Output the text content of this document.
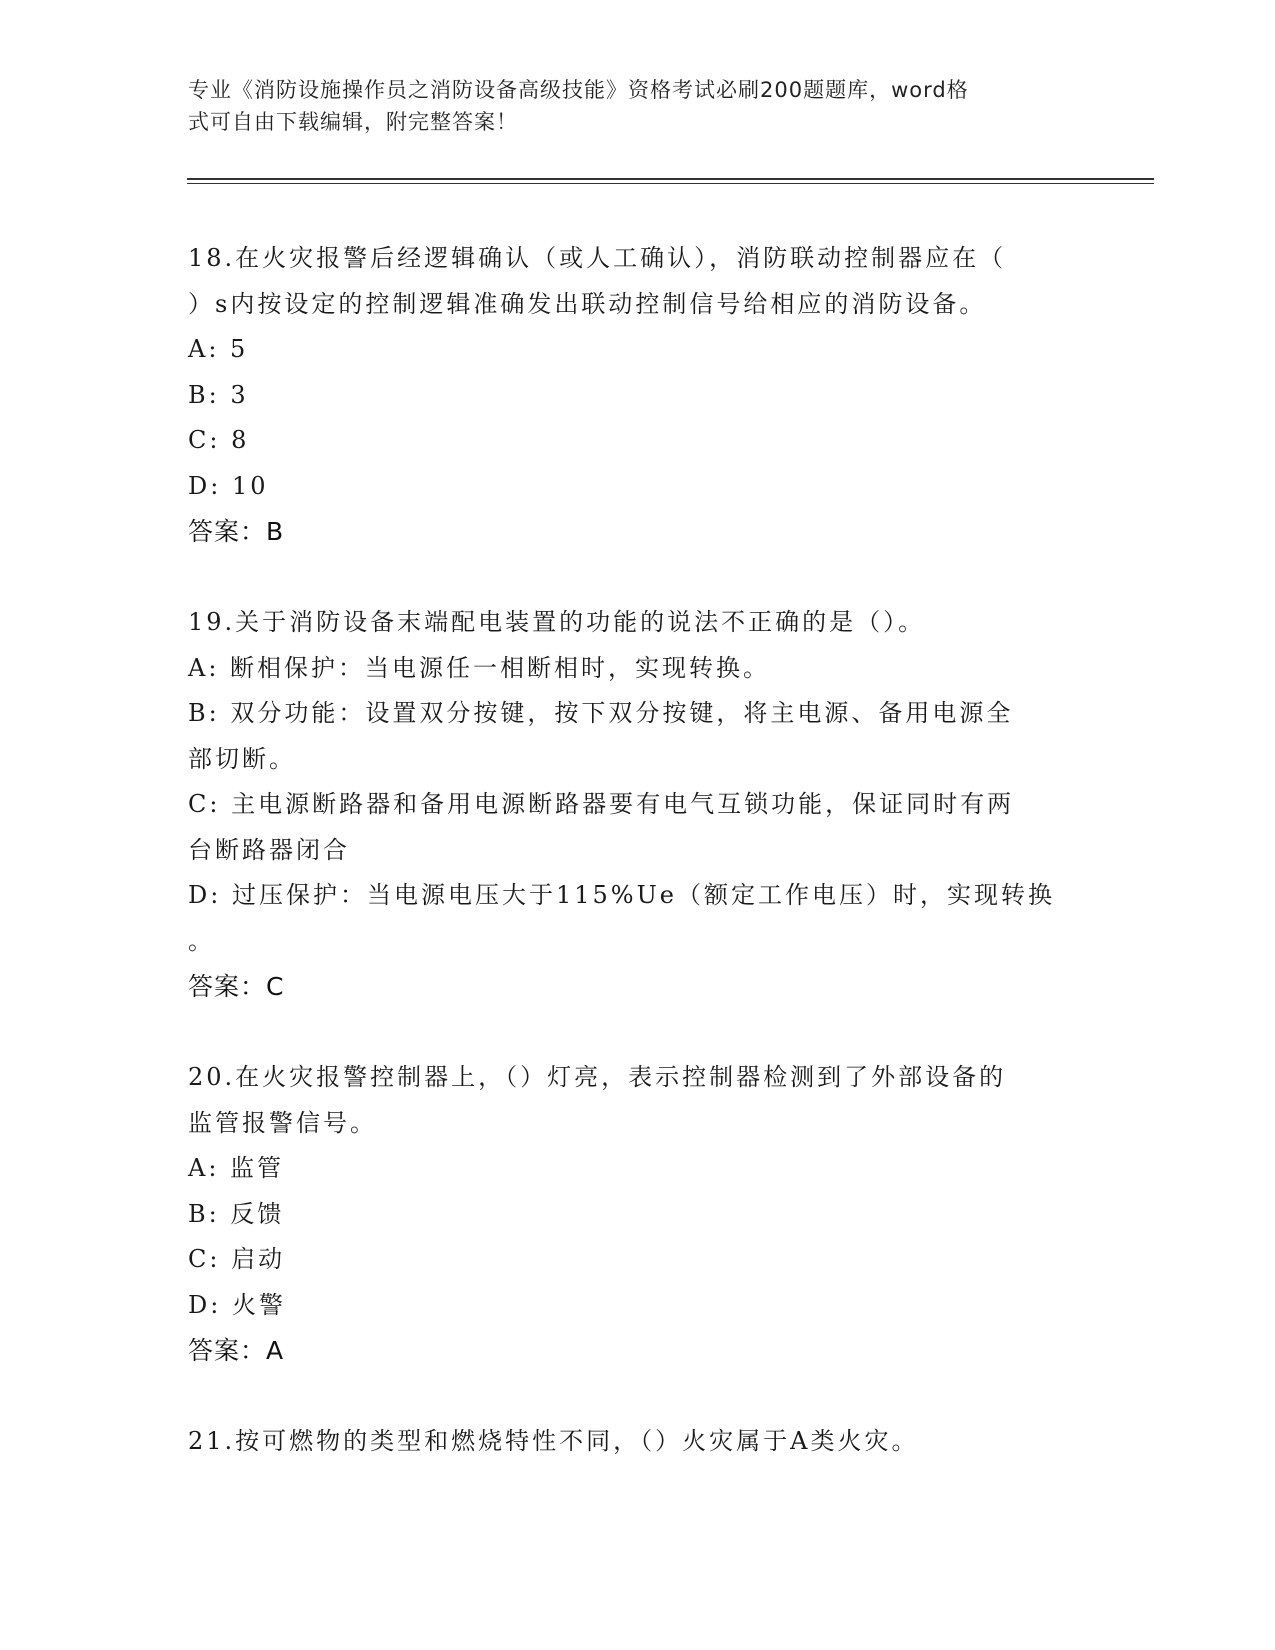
专业《消防设施操作员之消防设备高级技能》资格考试必刷200题题库，word格
式可自由下载编辑，附完整答案！
18.在火灾报警后经逻辑确认（或人工确认），消防联动控制器应在（
）s内按设定的控制逻辑准确发出联动控制信号给相应的消防设备。
A: 5
B: 3
C: 8
D: 10
答案：B
19.关于消防设备末端配电装置的功能的说法不正确的是（）。
A: 断相保护：当电源任一相断相时，实现转换。
B: 双分功能：设置双分按键，按下双分按键，将主电源、备用电源全
部切断。
C: 主电源断路器和备用电源断路器要有电气互锁功能，保证同时有两
台断路器闭合
D: 过压保护：当电源电压大于115%Ue（额定工作电压）时，实现转换
。
答案：C
20.在火灾报警控制器上，（）灯亮，表示控制器检测到了外部设备的
监管报警信号。
A: 监管
B: 反馈
C: 启动
D: 火警
答案：A
21.按可燃物的类型和燃烧特性不同，（）火灾属于A类火灾。
